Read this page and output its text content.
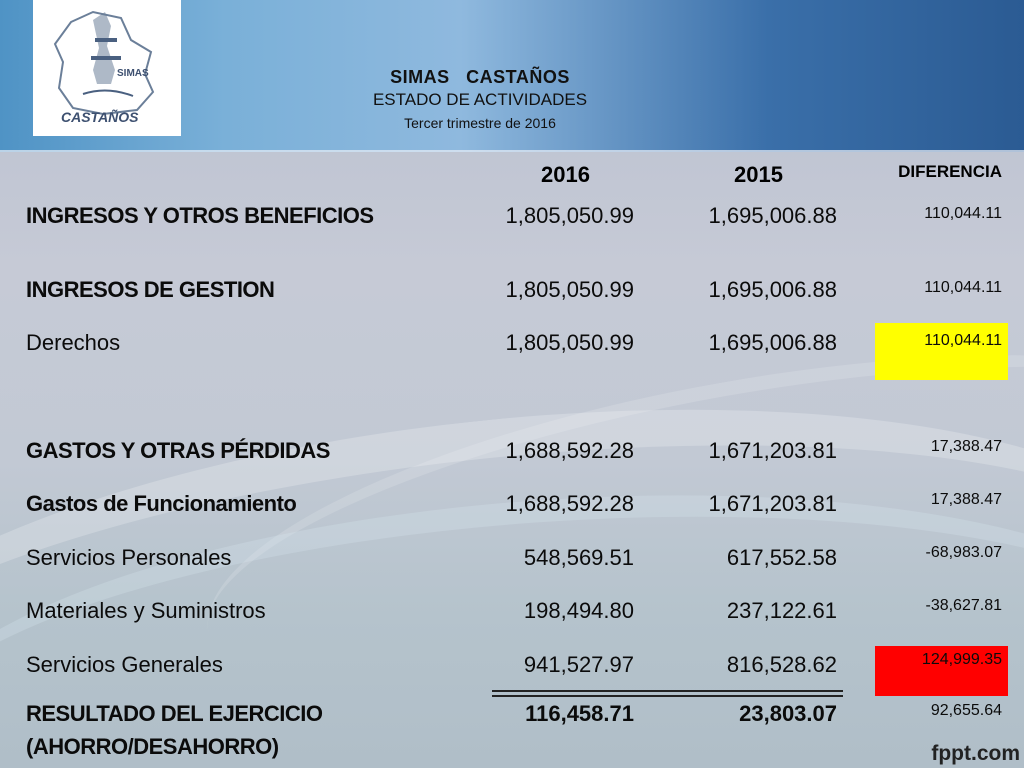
SIMAS
CASTAÑOS
SIMAS   CASTAÑOS
ESTADO DE ACTIVIDADES
Tercer trimestre de 2016
2016	2015	DIFERENCIA
INGRESOS Y OTROS BENEFICIOS	1,805,050.99	1,695,006.88	110,044.11
INGRESOS DE GESTION	1,805,050.99	1,695,006.88	110,044.11
Derechos	1,805,050.99	1,695,006.88	110,044.11
GASTOS Y OTRAS PÉRDIDAS	1,688,592.28	1,671,203.81	17,388.47
Gastos de Funcionamiento	1,688,592.28	1,671,203.81	17,388.47
Servicios Personales	548,569.51	617,552.58	-68,983.07
Materiales y Suministros	198,494.80	237,122.61	-38,627.81
Servicios Generales	941,527.97	816,528.62	124,999.35
RESULTADO DEL EJERCICIO	116,458.71	23,803.07	92,655.64
(AHORRO/DESAHORRO)	fppt.com
